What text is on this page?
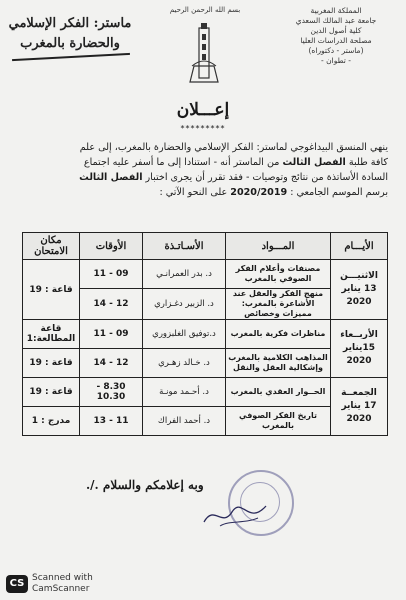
المملكة المغربية
جامعة عبد المالك السعدي
كلية أصول الدين
مصلحة الدراسات العليا
(ماستر - دكتوراه)
- تطوان -
بسم الله الرحمن الرحيم
ماستر: الفكر الإسلامي
والحضارة بالمغرب
إعـــلان
*********
ينهي المنسق البيداغوجي لماستر: الفكر الإسلامي والحضارة بالمغرب، إلى علم
كافة طلبة الفصل الثالث من الماستر أنه - استنادا إلى ما أسفر عليه اجتماع
السادة الأساتذة من نتائج وتوصيات - فقد تقرر أن يجرى اختبار الفصل الثالث
برسم الموسم الجامعي : 2020/2019 على النحو الآتي :
الأيـــام	المـــواد	الأسـاتـذة	الأوقات	مكان الامتحان

الاثنيـــن
13 يناير 2020	مصنفات وأعلام الفكر الصوفي بالمغرب	د. بدر العمرانـي	09 - 11	قاعة : 19

	منهج الفكر والعقل عند الأشاعرة بالمغرب: مميزات وخصائص	د. الزبير دغـزاري	12 - 14	

الأربــعاء
15يناير 2020	مناظرات فكرية بالمغرب	د.توفيق الغلبزوري	09 - 11	قاعة المطالعة:1

	المذاهب الكلامية بالمغرب وإشكالية العقل والنقل	د. خـالد زهـري	12 - 14	قاعة : 19

الجمعــة
17 يناير 2020	الحــوار العقدي بالمغرب	د. أحـمد مونـة	8.30 - 10.30	قاعة : 19

	تاريخ الفكر الصوفي بالمغرب	د. أحمد الفراك	11 - 13	مدرج : 1
وبه إعلامكم والسلام ./.
CS Scanned with
CamScanner
